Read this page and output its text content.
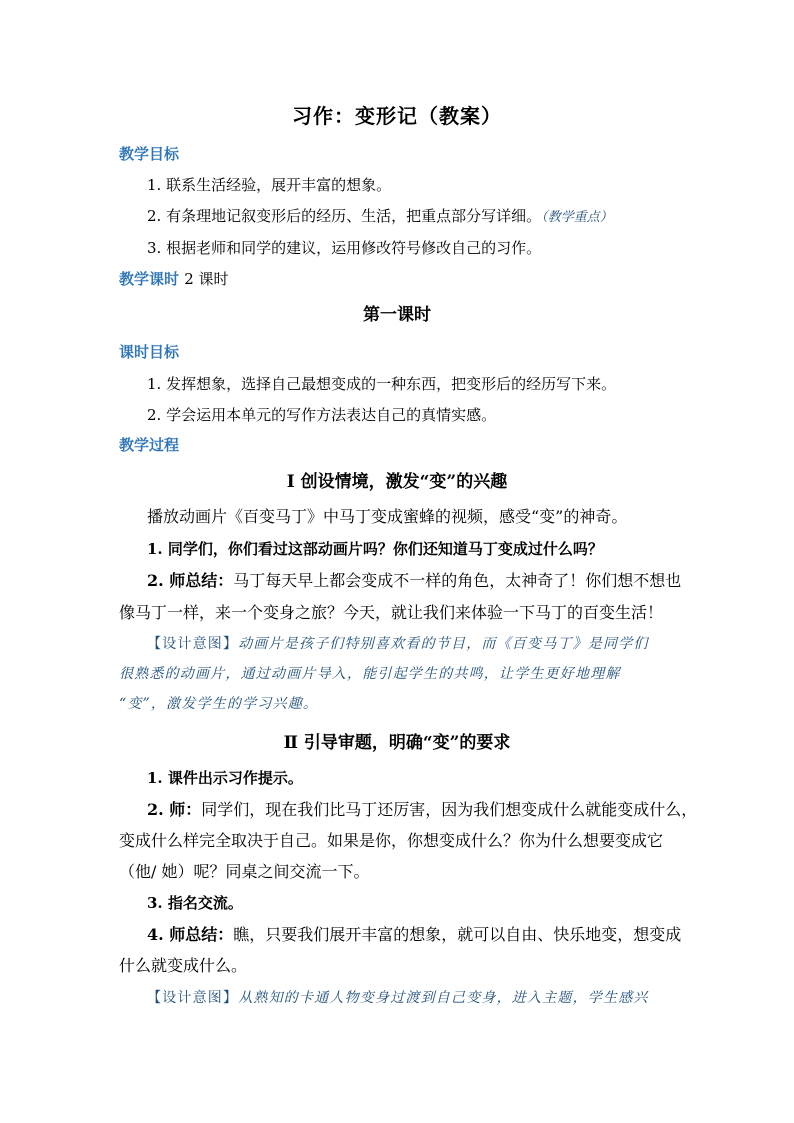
习作：变形记（教案）
教学目标
1. 联系生活经验，展开丰富的想象。
2. 有条理地记叙变形后的经历、生活，把重点部分写详细。（教学重点）
3. 根据老师和同学的建议，运用修改符号修改自己的习作。
教学课时 2 课时
第一课时
课时目标
1. 发挥想象，选择自己最想变成的一种东西，把变形后的经历写下来。
2. 学会运用本单元的写作方法表达自己的真情实感。
教学过程
Ⅰ 创设情境，激发“变”的兴趣
播放动画片《百变马丁》中马丁变成蜜蜂的视频，感受“变”的神奇。
1. 同学们，你们看过这部动画片吗？你们还知道马丁变成过什么吗？
2. 师总结：马丁每天早上都会变成不一样的角色，太神奇了！你们想不想也
像马丁一样，来一个变身之旅？今天，就让我们来体验一下马丁的百变生活！
【设计意图】动画片是孩子们特别喜欢看的节目，而《百变马丁》是同学们
很熟悉的动画片，通过动画片导入，能引起学生的共鸣，让学生更好地理解
“变”，激发学生的学习兴趣。
Ⅱ 引导审题，明确“变”的要求
1. 课件出示习作提示。
2. 师：同学们，现在我们比马丁还厉害，因为我们想变成什么就能变成什么，
变成什么样完全取决于自己。如果是你，你想变成什么？你为什么想要变成它
（他/ 她）呢？同桌之间交流一下。
3. 指名交流。
4. 师总结：瞧，只要我们展开丰富的想象，就可以自由、快乐地变，想变成
什么就变成什么。
【设计意图】从熟知的卡通人物变身过渡到自己变身，进入主题，学生感兴
